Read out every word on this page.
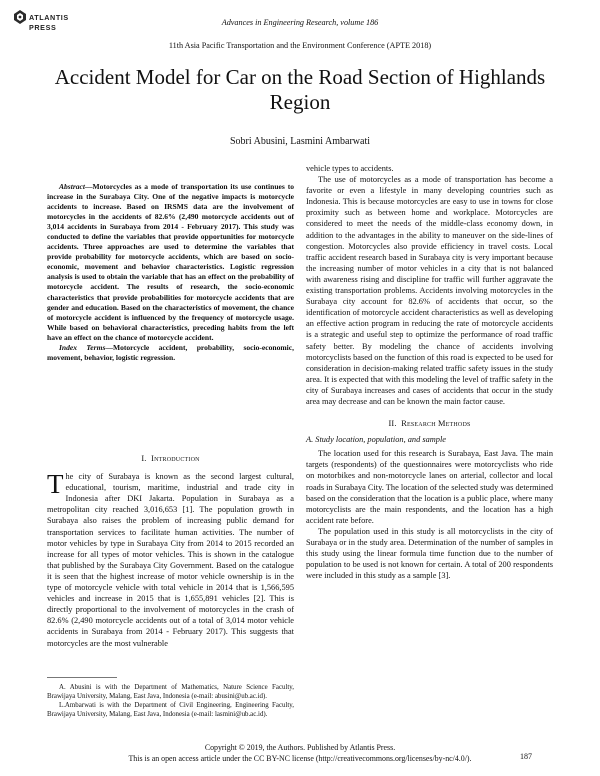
ATLANTIS
PRESS
Advances in Engineering Research, volume 186
11th Asia Pacific Transportation and the Environment Conference (APTE 2018)
Accident Model for Car on the Road Section of Highlands Region
Sobri Abusini, Lasmini Ambarwati

Abstract—Motorcycles as a mode of transportation its use continues to increase in the Surabaya City. One of the negative impacts is motorcycle accidents to increase. Based on IRSMS data are the involvement of motorcycles in the accidents of 82.6% (2,490 motorcycle accidents out of 3,014 accidents in Surabaya from 2014 - February 2017). This study was conducted to define the variables that provide opportunities for motorcycle accidents. Three approaches are used to determine the variables that provide probability for motorcycle accidents, which are based on socio-economic, movement and behavior characteristics. Logistic regression analysis is used to obtain the variable that has an effect on the probability of motorcycle accident. The results of research, the socio-economic characteristics that provide probabilities for motorcycle accidents that are gender and education. Based on the characteristics of movement, the chance of motorcycle accident is influenced by the frequency of motorcycle usage. While based on behavioral characteristics, preceding habits from the left have an effect on the chance of motorcycle accident.

Index Terms—Motorcycle accident, probability, socio-economic, movement, behavior, logistic regression.

I. Introduction

The city of Surabaya is known as the second largest cultural, educational, tourism, maritime, industrial and trade city in Indonesia after DKI Jakarta. Population in Surabaya as a metropolitan city reached 3,016,653 [1]. The population growth in Surabaya also raises the problem of increasing public demand for transportation services to facilitate human activities. The number of motor vehicles by type in Surabaya City from 2014 to 2015 recorded an increase for all types of motor vehicles. This is shown in the catalogue that published by the Surabaya City Government. Based on the catalogue it is seen that the highest increase of motor vehicle ownership is in the type of motorcycle vehicle with total vehicle in 2014 that is 1,566,595 vehicles and increase in 2015 that is 1,655,891 vehicles [2]. This is directly proportional to the involvement of motorcycles in the crash of 82.6% (2,490 motorcycle accidents out of a total of 3,014 motor vehicle accidents in Surabaya from 2014 - February 2017). This suggests that motorcycles are the most vulnerable

A. Abusini is with the Department of Mathematics, Nature Science Faculty, Brawijaya University, Malang, East Java, Indonesia (e-mail: abusini@ub.ac.id).

L.Ambarwati is with the Department of Civil Engineering, Engineering Faculty, Brawijaya University, Malang, East Java, Indonesia (e-mail: lasmini@ub.ac.id).

vehicle types to accidents.

The use of motorcycles as a mode of transportation has become a favorite or even a lifestyle in many developing countries such as Indonesia. This is because motorcycles are easy to use in towns for close proximity such as between home and workplace. Motorcycles are considered to meet the needs of the middle-class economy down, in addition to the advantages in the ability to maneuver on the side-lines of congestion. Motorcycles also provide efficiency in travel costs. Local traffic accident research based in Surabaya city is very important because the increasing number of motor vehicles in a city that is not balanced with awareness rising and discipline for traffic will further aggravate the existing transportation problems. Accidents involving motorcycles in the Surabaya city account for 82.6% of accidents that occur, so the identification of motorcycle accident characteristics as well as developing an effective action program in reducing the rate of motorcycle accidents is a strategic and useful step to optimize the performance of road traffic safety better. By modeling the chance of accidents involving motorcyclists based on the function of this road is expected to be used for consideration in decision-making related traffic safety issues in the study area. It is expected that with this modeling the level of traffic safety in the city of Surabaya increases and cases of accidents that occur in the study area may decrease and can be known the main factor cause.

II. Research Methods

A. Study location, population, and sample

The location used for this research is Surabaya, East Java. The main targets (respondents) of the questionnaires were motorcyclists who ride on motorbikes and non-motorcycle lanes on arterial, collector and local roads in Surabaya City. The location of the selected study was determined based on the consideration that the location is a public place, where many motorcyclists are the main respondents, and the location has a high accident rate before.

The population used in this study is all motorcyclists in the city of Surabaya or in the study area. Determination of the number of samples in this study using the linear formula time function due to the number of population to be used is not known for certain. A total of 200 respondents were included in this study as a sample [3].

Copyright © 2019, the Authors. Published by Atlantis Press.
This is an open access article under the CC BY-NC license (http://creativecommons.org/licenses/by-nc/4.0/).	187
